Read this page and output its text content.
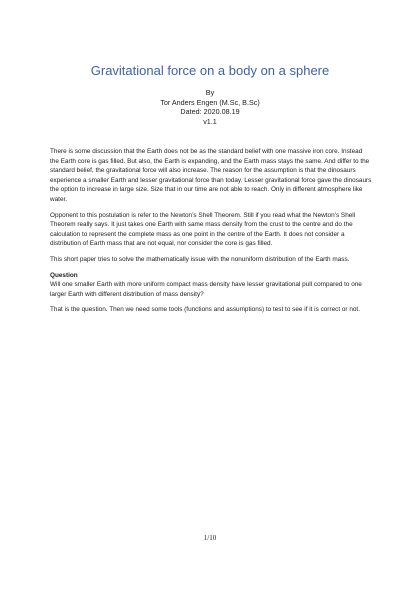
Gravitational force on a body on a sphere
By
Tor Anders Engen (M.Sc, B.Sc)
Dated: 2020.08.19
v1.1

There is some discussion that the Earth does not be as the standard belief with one massive iron core. Instead the Earth core is gas filled. But also, the Earth is expanding, and the Earth mass stays the same. And differ to the standard belief, the gravitational force will also increase. The reason for the assumption is that the dinosaurs experience a smaller Earth and lesser gravitational force than today. Lesser gravitational force gave the dinosaurs the option to increase in large size. Size that in our time are not able to reach. Only in different atmosphere like water.

Opponent to this postulation is refer to the Newton’s Shell Theorem. Still if you read what the Newton’s Shell Theorem really says. It just takes one Earth with same mass density from the crust to the centre and do the calculation to represent the complete mass as one point in the centre of the Earth. It does not consider a distribution of Earth mass that are not equal, nor consider the core is gas filled.

This short paper tries to solve the mathematically issue with the nonuniform distribution of the Earth mass.

Question

Will one smaller Earth with more uniform compact mass density have lesser gravitational pull compared to one larger Earth with different distribution of mass density?

That is the question. Then we need some tools (functions and assumptions) to test to see if it is correct or not.

1/10
